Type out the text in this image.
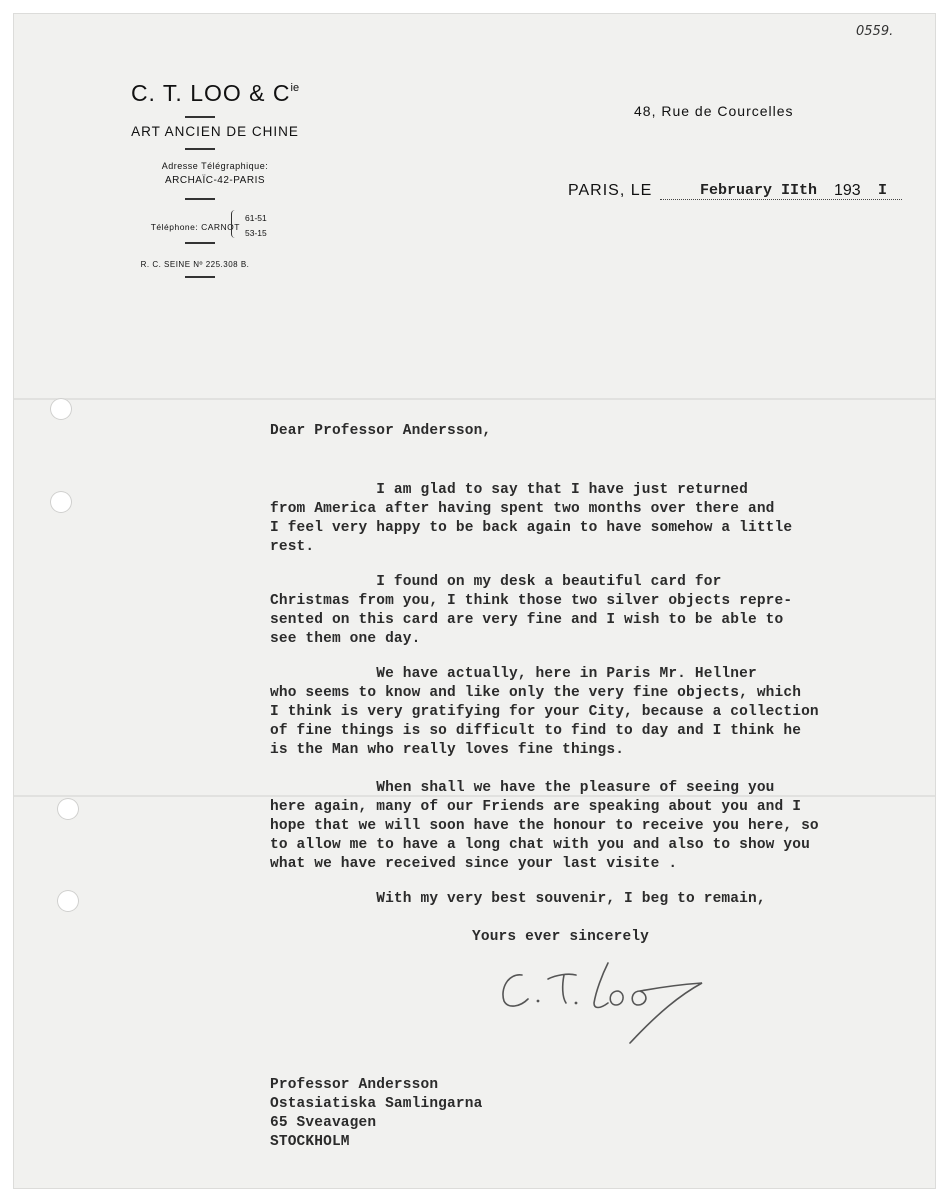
0559.
C. T. LOO & $C^{ie}$
ART ANCIEN DE CHINE
Adresse Télégraphique:
ARCHAÏC-42-PARIS
Téléphone: CARNOT
61-51
53-15
R. C. SEINE Nº 225.308 B.
48, Rue de Courcelles
PARIS, LE	February IIth 193 I
Dear Professor Andersson,
I am glad to say that I have just returned
from America after having spent two months over there and
I feel very happy to be back again to have somehow a little
rest.
I found on my desk a beautiful card for
Christmas from you, I think those two silver objects repre-
sented on this card are very fine and I wish to be able to
see them one day.
We have actually, here in Paris Mr. Hellner
who seems to know and like only the very fine objects, which
I think is very gratifying for your City, because a collection
of fine things is so difficult to find to day and I think he
is the Man who really loves fine things.
When shall we have the pleasure of seeing you
here again, many of our Friends are speaking about you and I
hope that we will soon have the honour to receive you here, so
to allow me to have a long chat with you and also to show you
what we have received since your last visite .
With my very best souvenir, I beg to remain,
Yours ever sincerely
Professor Andersson
Ostasiatiska Samlingarna
65 Sveavagen
STOCKHOLM
